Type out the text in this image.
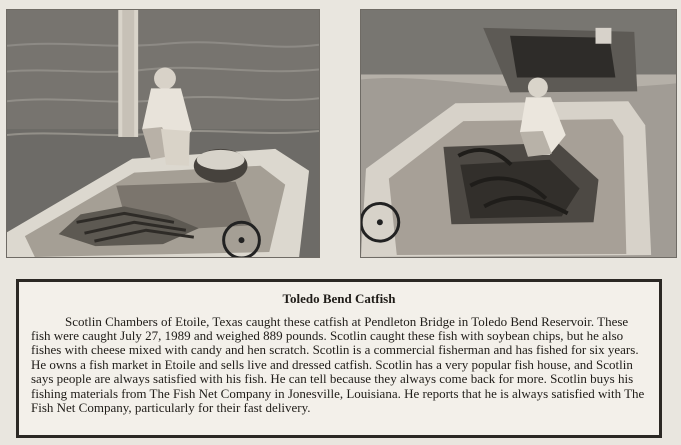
Toledo Bend Catfish

Scotlin Chambers of Etoile, Texas caught these catfish at Pendleton Bridge in Toledo Bend Reservoir. These fish were caught July 27, 1989 and weighed 889 pounds. Scotlin caught these fish with soybean chips, but he also fishes with cheese mixed with candy and hen scratch. Scotlin is a commercial fisherman and has fished for six years. He owns a fish market in Etoile and sells live and dressed catfish. Scotlin has a very popular fish house, and Scotlin says people are always satisfied with his fish. He can tell because they always come back for more. Scotlin buys his fishing materials from The Fish Net Company in Jonesville, Louisiana. He reports that he is always satisfied with The Fish Net Company, particularly for their fast delivery.
